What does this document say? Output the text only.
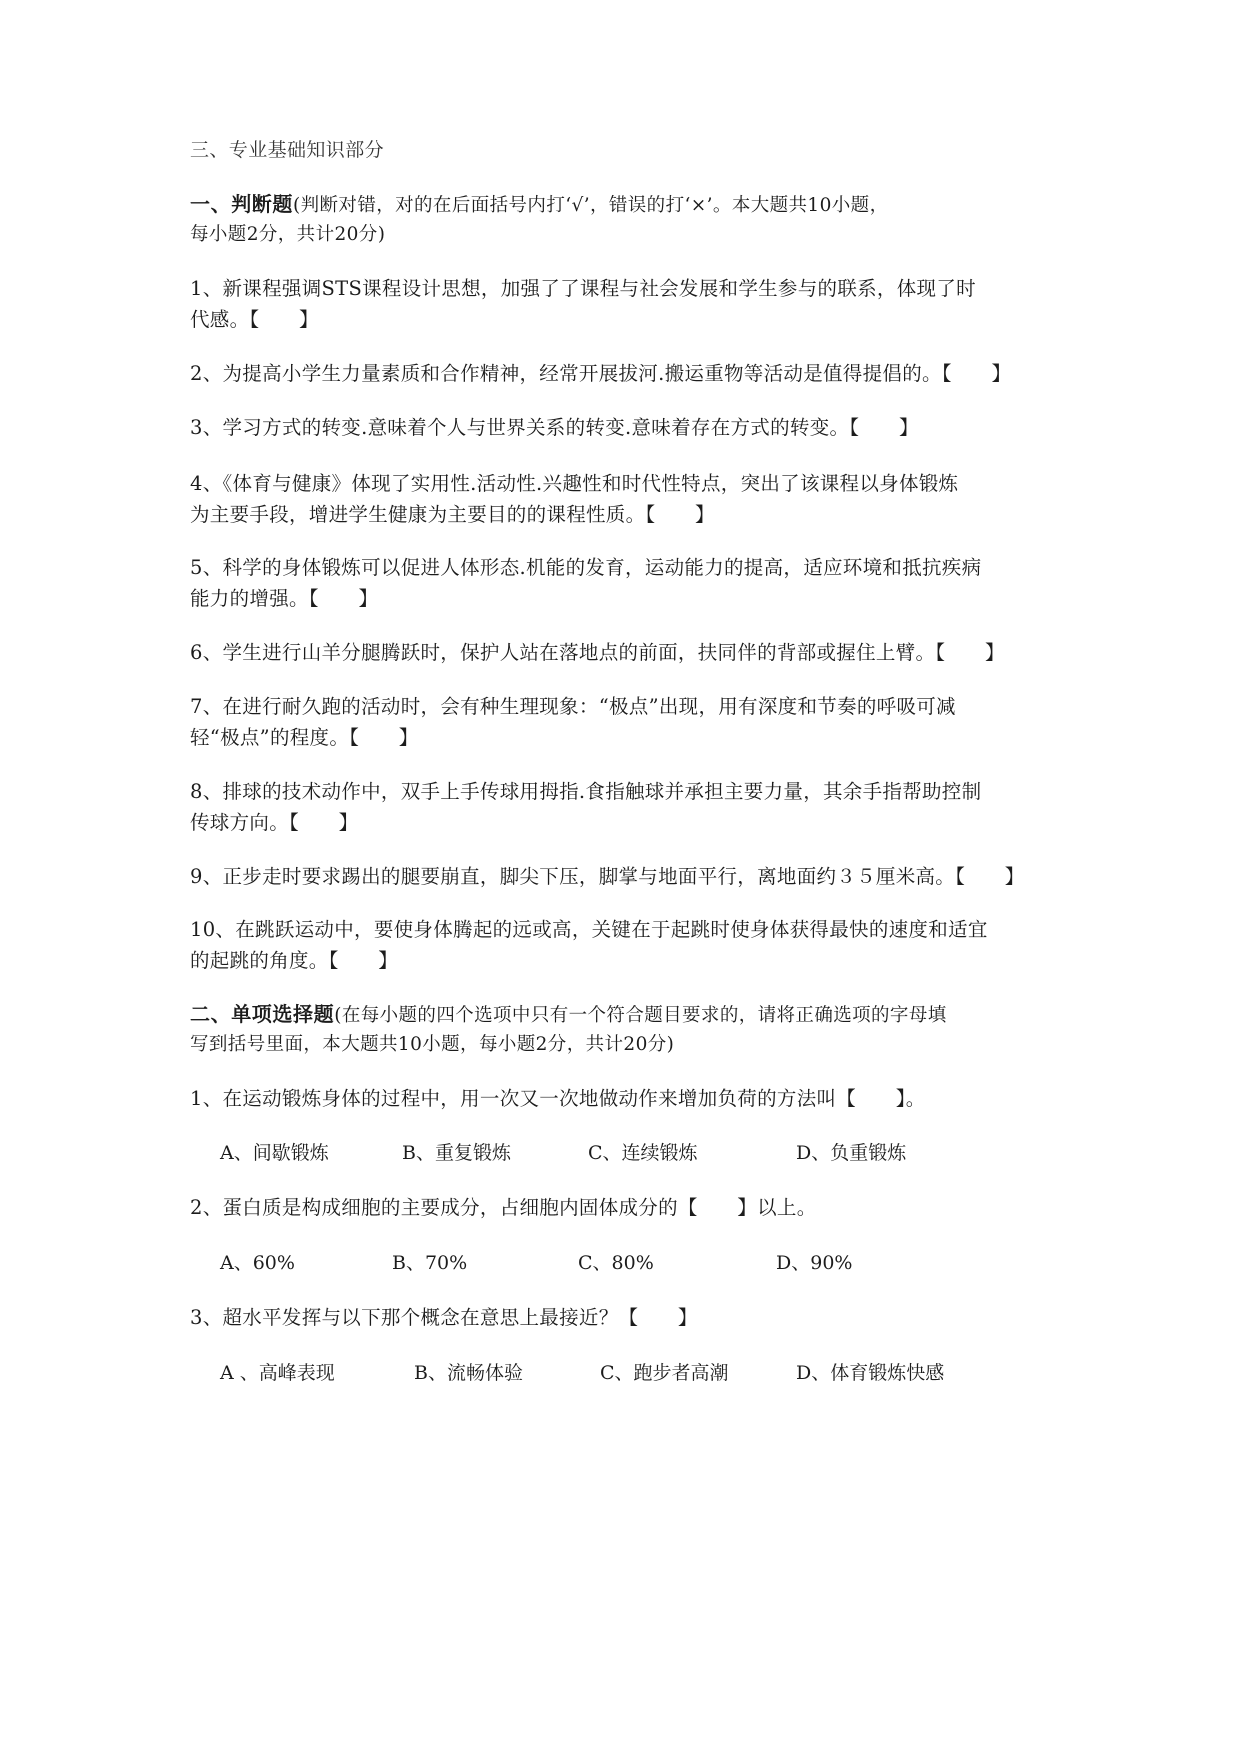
三、专业基础知识部分
一、判断题(判断对错，对的在后面括号内打‘√’，错误的打‘×’。本大题共10小题，
每小题2分，共计20分)
1、新课程强调STS课程设计思想，加强了了课程与社会发展和学生参与的联系，体现了时
代感。【　　】
2、为提高小学生力量素质和合作精神，经常开展拔河.搬运重物等活动是值得提倡的。【　　】
3、学习方式的转变.意味着个人与世界关系的转变.意味着存在方式的转变。【　　】
4、《体育与健康》体现了实用性.活动性.兴趣性和时代性特点，突出了该课程以身体锻炼
为主要手段，增进学生健康为主要目的的课程性质。【　　】
5、科学的身体锻炼可以促进人体形态.机能的发育，运动能力的提高，适应环境和抵抗疾病
能力的增强。【　　】
6、学生进行山羊分腿腾跃时，保护人站在落地点的前面，扶同伴的背部或握住上臂。【　　】
7、在进行耐久跑的活动时，会有种生理现象：“极点”出现，用有深度和节奏的呼吸可减
轻“极点”的程度。【　　】
8、排球的技术动作中，双手上手传球用拇指.食指触球并承担主要力量，其余手指帮助控制
传球方向。【　　】
9、正步走时要求踢出的腿要崩直，脚尖下压，脚掌与地面平行，离地面约３５厘米高。【　　】
10、在跳跃运动中，要使身体腾起的远或高，关键在于起跳时使身体获得最快的速度和适宜
的起跳的角度。【　　】
二、单项选择题(在每小题的四个选项中只有一个符合题目要求的，请将正确选项的字母填
写到括号里面，本大题共10小题，每小题2分，共计20分)
1、在运动锻炼身体的过程中，用一次又一次地做动作来增加负荷的方法叫【　　】。
A、间歇锻炼	B、重复锻炼	C、连续锻炼	D、负重锻炼
2、蛋白质是构成细胞的主要成分，占细胞内固体成分的【　　】以上。
A、60%	B、70%	C、80%	D、90%
3、超水平发挥与以下那个概念在意思上最接近？【　　】
A 、高峰表现	B、流畅体验	C、跑步者高潮	D、体育锻炼快感
